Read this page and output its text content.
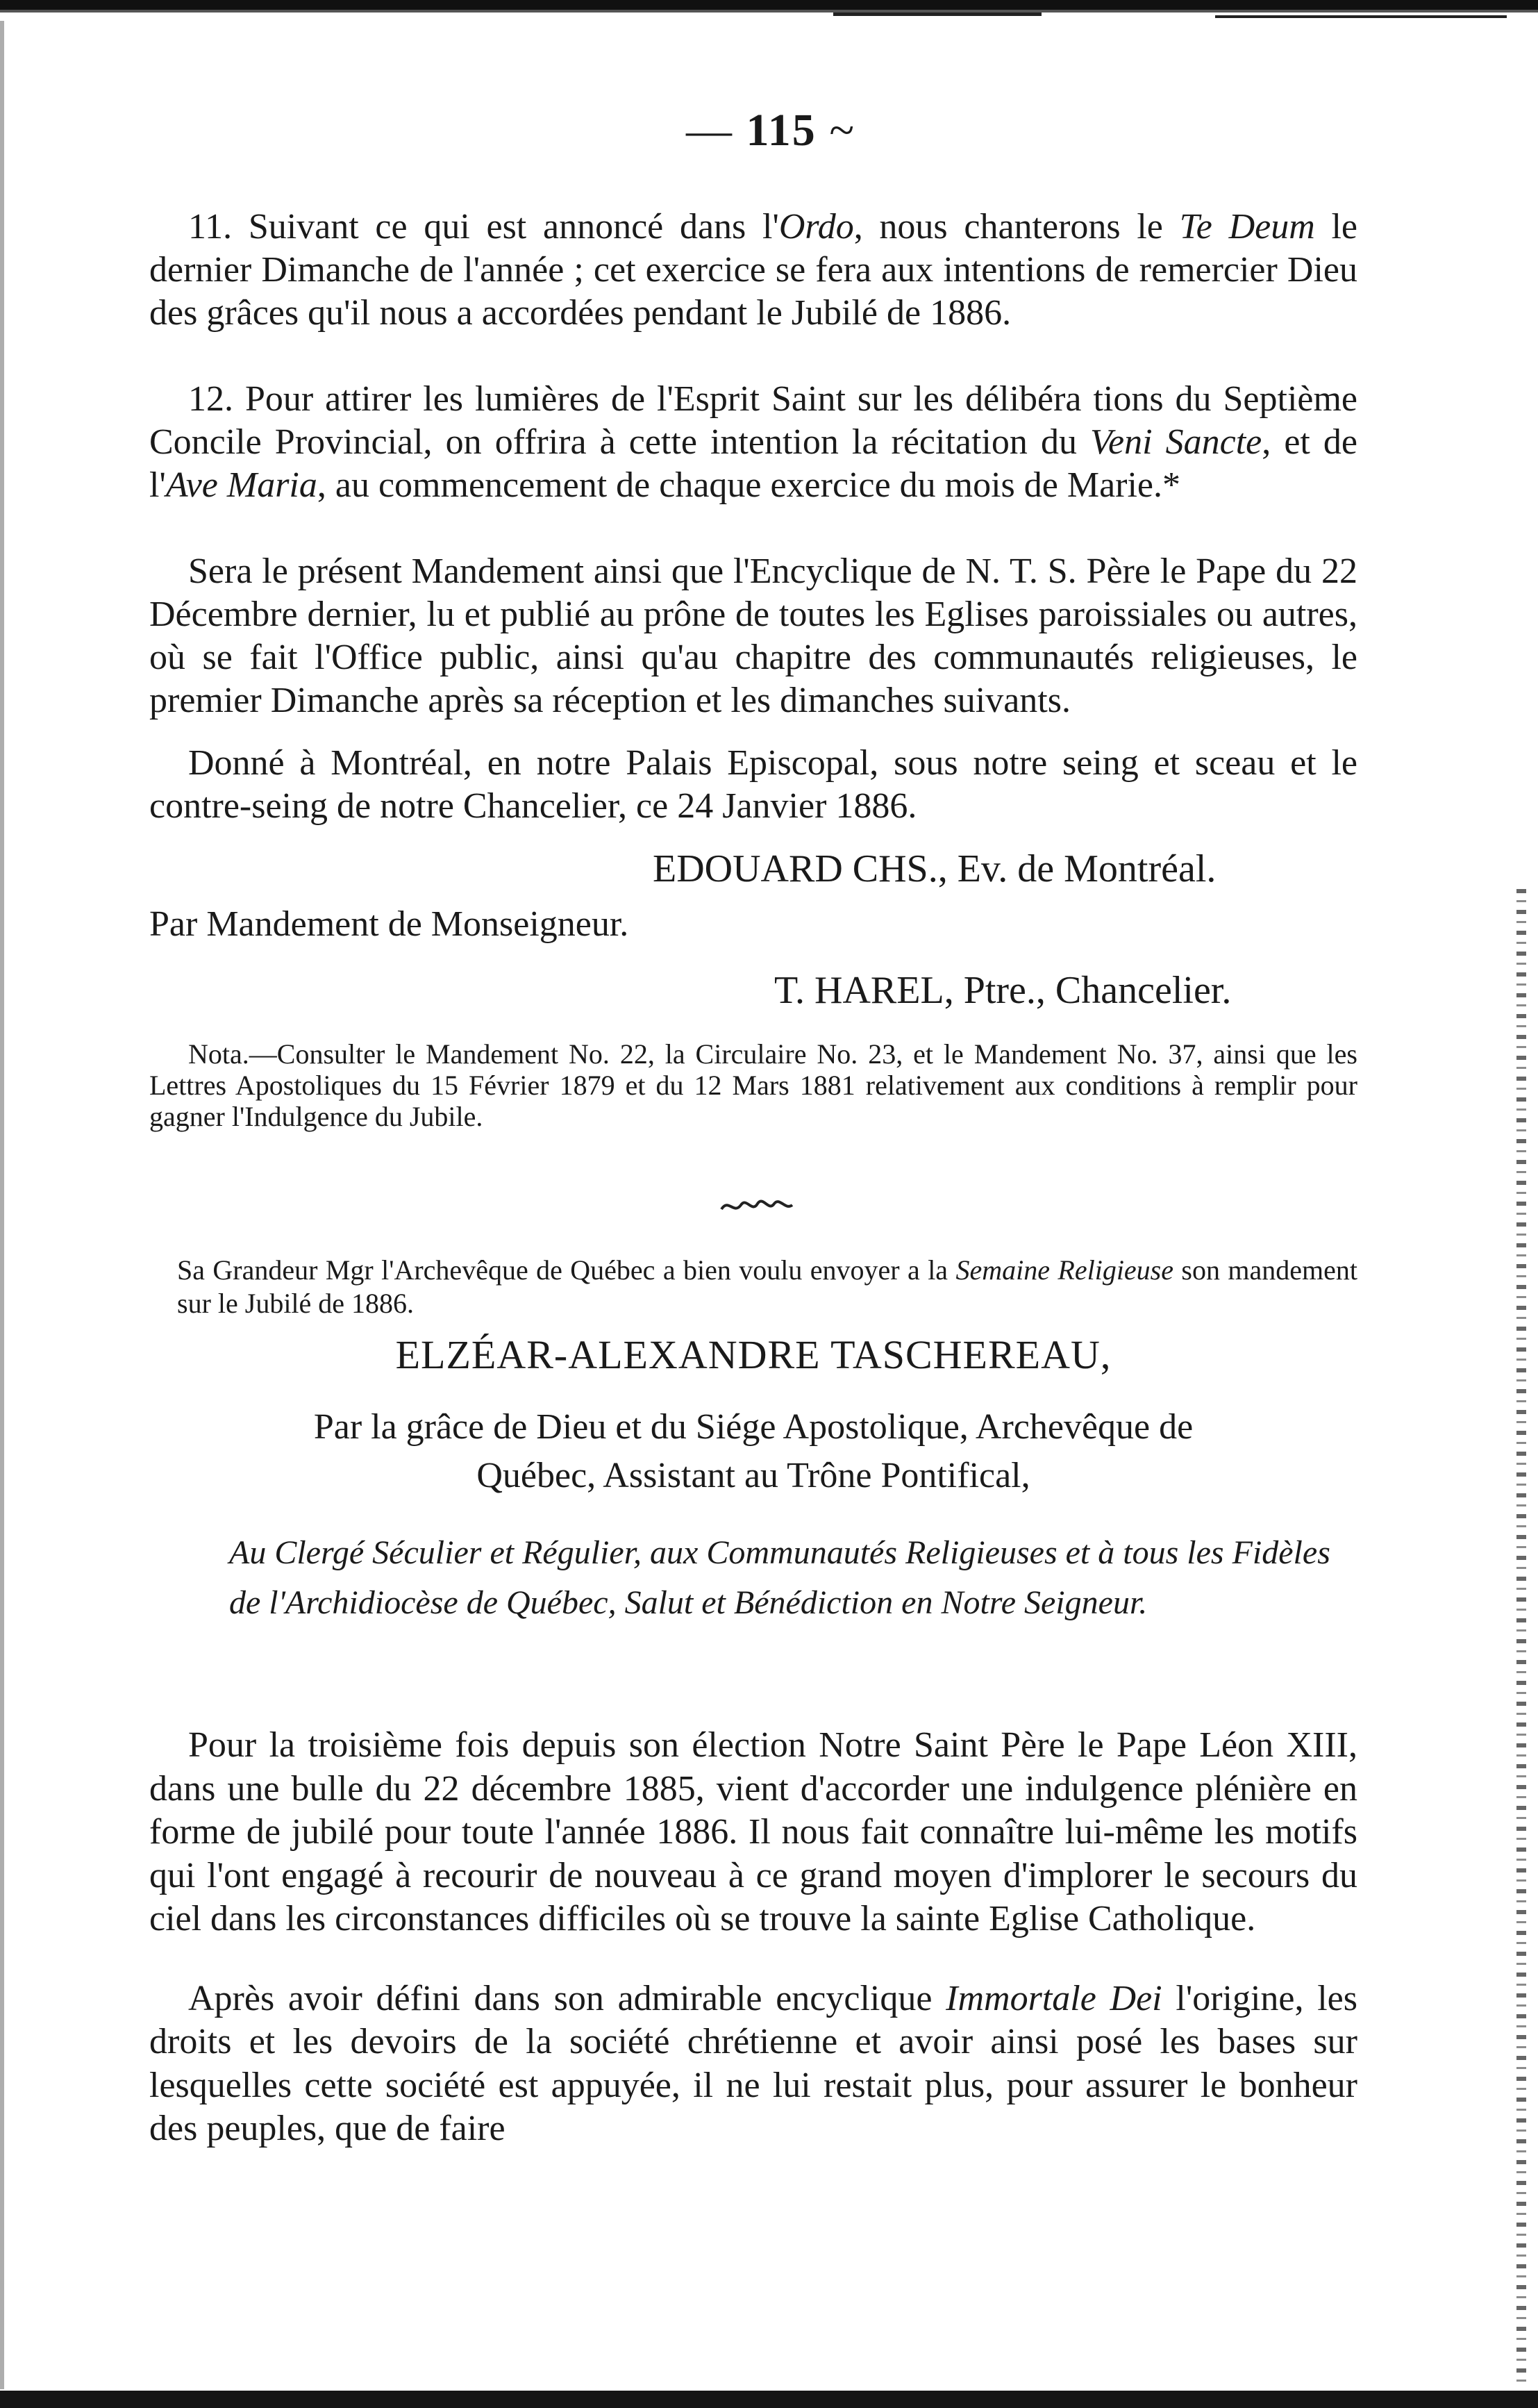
— 115 ~

11. Suivant ce qui est annoncé dans l'Ordo, nous chanterons le Te Deum le dernier Dimanche de l'année ; cet exercice se fera aux intentions de remercier Dieu des grâces qu'il nous a accordées pendant le Jubilé de 1886.

12. Pour attirer les lumières de l'Esprit Saint sur les délibéra tions du Septième Concile Provincial, on offrira à cette intention la récitation du Veni Sancte, et de l'Ave Maria, au commencement de chaque exercice du mois de Marie.*

Sera le présent Mandement ainsi que l'Encyclique de N. T. S. Père le Pape du 22 Décembre dernier, lu et publié au prône de toutes les Eglises paroissiales ou autres, où se fait l'Office public, ainsi qu'au chapitre des communautés religieuses, le premier Dimanche après sa réception et les dimanches suivants.

Donné à Montréal, en notre Palais Episcopal, sous notre seing et sceau et le contre-seing de notre Chancelier, ce 24 Janvier 1886.

EDOUARD CHS., Ev. de Montréal.
Par Mandement de Monseigneur.
T. HAREL, Ptre., Chancelier.
Nota.—Consulter le Mandement No. 22, la Circulaire No. 23, et le Mandement No. 37, ainsi que les Lettres Apostoliques du 15 Février 1879 et du 12 Mars 1881 relativement aux conditions à remplir pour gagner l'Indulgence du Jubile.
Sa Grandeur Mgr l'Archevêque de Québec a bien voulu envoyer a la Semaine Religieuse son mandement sur le Jubilé de 1886.
ELZÉAR-ALEXANDRE TASCHEREAU,
Par la grâce de Dieu et du Siége Apostolique, Archevêque de
Québec, Assistant au Trône Pontifical,
Au Clergé Séculier et Régulier, aux Communautés Religieuses et à tous les Fidèles de l'Archidiocèse de Québec, Salut et Bénédiction en Notre Seigneur.

Pour la troisième fois depuis son élection Notre Saint Père le Pape Léon XIII, dans une bulle du 22 décembre 1885, vient d'accorder une indulgence plénière en forme de jubilé pour toute l'année 1886. Il nous fait connaître lui-même les motifs qui l'ont engagé à recourir de nouveau à ce grand moyen d'implorer le secours du ciel dans les circonstances difficiles où se trouve la sainte Eglise Catholique.

Après avoir défini dans son admirable encyclique Immortale Dei l'origine, les droits et les devoirs de la société chrétienne et avoir ainsi posé les bases sur lesquelles cette société est appuyée, il ne lui restait plus, pour assurer le bonheur des peuples, que de faire
